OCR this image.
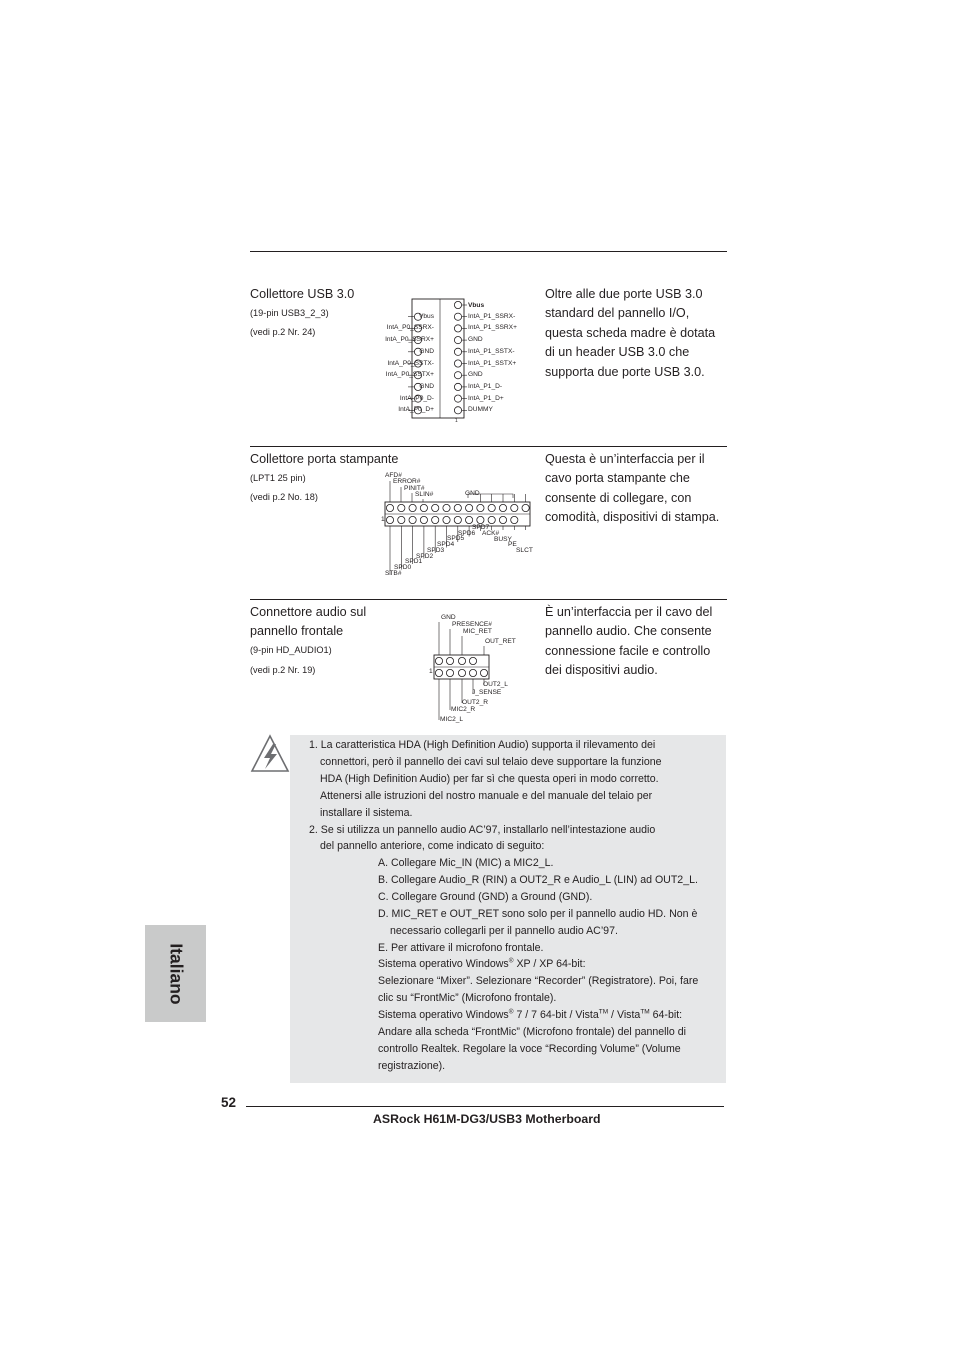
Collettore USB 3.0
(19-pin USB3_2_3)
(vedi p.2 Nr. 24)
Oltre alle due porte USB 3.0
standard del pannello I/O,
questa scheda madre è dotata
di un header USB 3.0 che
supporta due porte USB 3.0.
Vbus
Vbus
IntA_P0_SSRX-
IntA_P0_SSRX+
GND
IntA_P0_SSTX-
IntA_P0_SSTX+
GND
IntA_P0_D-
IntA_P0_D+
IntA_P1_SSRX-
IntA_P1_SSRX+
GND
IntA_P1_SSTX-
IntA_P1_SSTX+
GND
IntA_P1_D-
IntA_P1_D+
DUMMY
1
Collettore porta stampante
(LPT1 25 pin)
(vedi p.2 No. 18)
Questa è un’interfaccia per il
cavo porta stampante che
consente di collegare, con
comodità, dispositivi di stampa.
AFD#
ERROR#
PINIT#
SLIN#	GND
SPD7
ACK#
BUSY
PE
SLCT
SPD6
SPD5
SPD4
SPD3
SPD2
SPD1
SPD0
STB#
1
Connettore audio sul
pannello frontale
(9-pin HD_AUDIO1)
(vedi p.2 Nr. 19)
È un’interfaccia per il cavo del
pannello audio. Che consente
connessione facile e controllo
dei dispositivi audio.
GND
PRESENCE#
MIC_RET
OUT_RET
OUT2_L
J_SENSE
OUT2_R
MIC2_R
MIC2_L
1
1. La caratteristica HDA (High Definition Audio) supporta il rilevamento dei
connettori, però il pannello dei cavi sul telaio deve supportare la funzione
HDA (High Definition Audio) per far sì che questa operi in modo corretto.
Attenersi alle istruzioni del nostro manuale e del manuale del telaio per
installare il sistema.
2. Se si utilizza un pannello audio AC’97, installarlo nell’intestazione audio
del pannello anteriore, come indicato di seguito:
A. Collegare Mic_IN (MIC) a MIC2_L.
B. Collegare Audio_R (RIN) a OUT2_R e Audio_L (LIN) ad OUT2_L.
C. Collegare Ground (GND) a Ground (GND).
D. MIC_RET e OUT_RET sono solo per il pannello audio HD. Non è
necessario collegarli per il pannello audio AC’97.
E. Per attivare il microfono frontale.
Sistema operativo Windows® XP / XP 64-bit:
Selezionare “Mixer”. Selezionare “Recorder” (Registratore). Poi, fare
clic su “FrontMic” (Microfono frontale).
Sistema operativo Windows® 7 / 7 64-bit / Vista™ / Vista™ 64-bit:
Andare alla scheda “FrontMic” (Microfono frontale) del pannello di
controllo Realtek. Regolare la voce “Recording Volume” (Volume
registrazione).
Italiano
52
ASRock H61M-DG3/USB3 Motherboard
